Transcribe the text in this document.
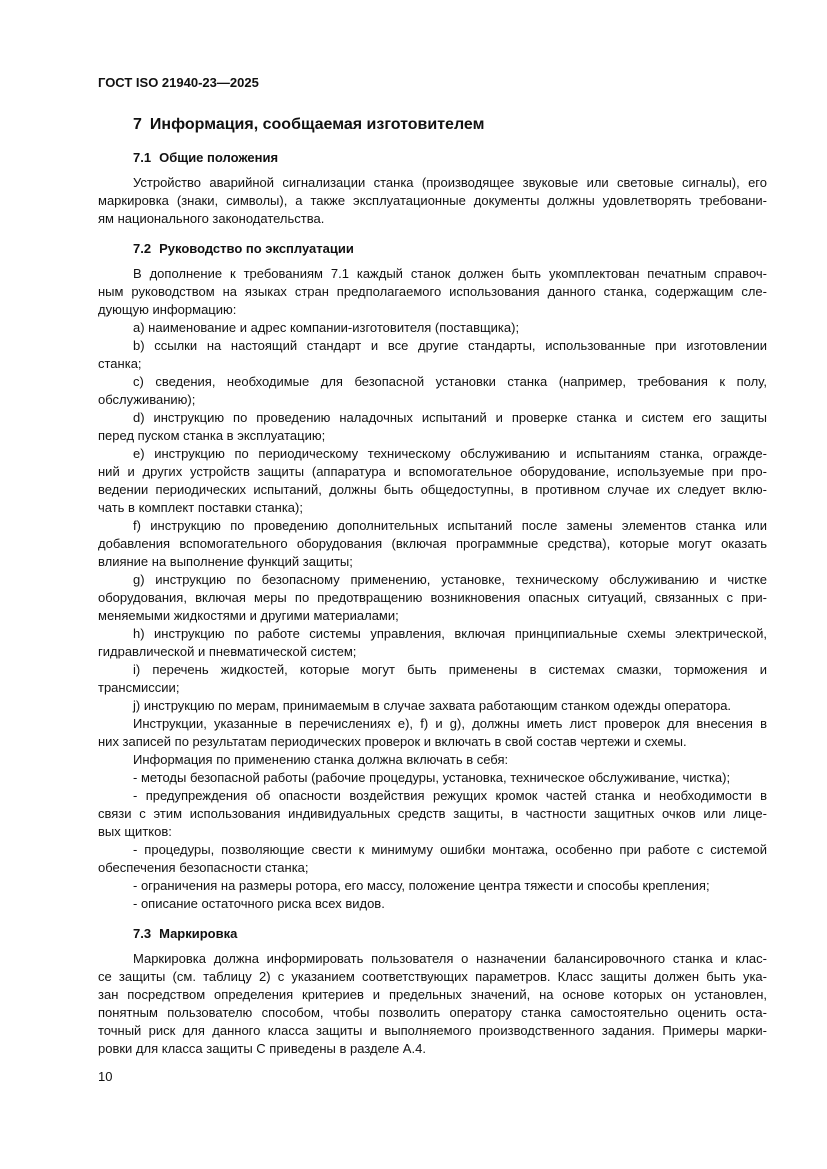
ГОСТ ISO 21940-23—2025
7 Информация, сообщаемая изготовителем
7.1 Общие положения
Устройство аварийной сигнализации станка (производящее звуковые или световые сигналы), его
маркировка (знаки, символы), а также эксплуатационные документы должны удовлетворять требовани-
ям национального законодательства.
7.2 Руководство по эксплуатации
В дополнение к требованиям 7.1 каждый станок должен быть укомплектован печатным справоч-
ным руководством на языках стран предполагаемого использования данного станка, содержащим сле-
дующую информацию:
a) наименование и адрес компании-изготовителя (поставщика);
b) ссылки на настоящий стандарт и все другие стандарты, использованные при изготовлении
станка;
c) сведения, необходимые для безопасной установки станка (например, требования к полу,
обслуживанию);
d) инструкцию по проведению наладочных испытаний и проверке станка и систем его защиты
перед пуском станка в эксплуатацию;
e) инструкцию по периодическому техническому обслуживанию и испытаниям станка, огражде-
ний и других устройств защиты (аппаратура и вспомогательное оборудование, используемые при про-
ведении периодических испытаний, должны быть общедоступны, в противном случае их следует вклю-
чать в комплект поставки станка);
f) инструкцию по проведению дополнительных испытаний после замены элементов станка или
добавления вспомогательного оборудования (включая программные средства), которые могут оказать
влияние на выполнение функций защиты;
g) инструкцию по безопасному применению, установке, техническому обслуживанию и чистке
оборудования, включая меры по предотвращению возникновения опасных ситуаций, связанных с при-
меняемыми жидкостями и другими материалами;
h) инструкцию по работе системы управления, включая принципиальные схемы электрической,
гидравлической и пневматической систем;
i) перечень жидкостей, которые могут быть применены в системах смазки, торможения и
трансмиссии;
j) инструкцию по мерам, принимаемым в случае захвата работающим станком одежды оператора.
Инструкции, указанные в перечислениях е), f) и g), должны иметь лист проверок для внесения в
них записей по результатам периодических проверок и включать в свой состав чертежи и схемы.
Информация по применению станка должна включать в себя:
- методы безопасной работы (рабочие процедуры, установка, техническое обслуживание, чистка);
- предупреждения об опасности воздействия режущих кромок частей станка и необходимости в
связи с этим использования индивидуальных средств защиты, в частности защитных очков или лице-
вых щитков:
- процедуры, позволяющие свести к минимуму ошибки монтажа, особенно при работе с системой
обеспечения безопасности станка;
- ограничения на размеры ротора, его массу, положение центра тяжести и способы крепления;
- описание остаточного риска всех видов.
7.3 Маркировка
Маркировка должна информировать пользователя о назначении балансировочного станка и клас-
се защиты (см. таблицу 2) с указанием соответствующих параметров. Класс защиты должен быть ука-
зан посредством определения критериев и предельных значений, на основе которых он установлен,
понятным пользователю способом, чтобы позволить оператору станка самостоятельно оценить оста-
точный риск для данного класса защиты и выполняемого производственного задания. Примеры марки-
ровки для класса защиты С приведены в разделе А.4.
10
